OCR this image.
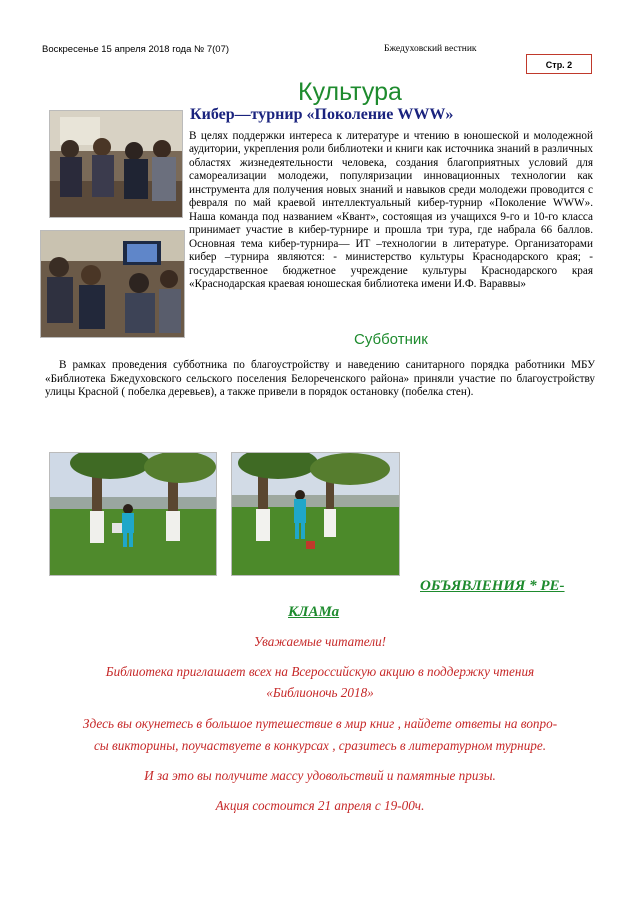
Воскресенье 15 апреля 2018 года № 7(07)	Бжедуховский вестник
Стр. 2
Культура
Кибер—турнир «Поколение WWW»

В целях поддержки интереса к литературе и чтению в юношеской и молодежной аудитории, укрепления роли библиотеки и книги как источника знаний в различных областях жизнедеятельности человека, создания благоприятных условий для самореализации молодежи, популяризации инновационных технологии как инструмента для получения новых знаний и навыков среди молодежи проводится с февраля по май краевой интеллектуальный кибер-турнир «Поколение WWW». Наша команда под названием «Квант», состоящая из учащихся 9-го и 10-го класса принимает участие в кибер-турнире и прошла три тура, где набрала 66 баллов. Основная тема кибер-турнира— ИТ –технологии в литературе. Организаторами кибер –турнира являются: - министерство культуры Краснодарского края; - государственное бюджетное учреждение культуры Краснодарского края «Краснодарская краевая юношеская библиотека имени И.Ф. Вараввы»

Субботник
В рамках проведения субботника по благоустройству и наведению санитарного порядка работники МБУ «Библиотека Бжедуховского сельского поселения Белореченского района» приняли участие по благоустройству улицы Красной ( побелка деревьев), а также привели в порядок остановку (побелка стен).
ОБЪЯВЛЕНИЯ * РЕ-
КЛАМа
Уважаемые читатели!
Библиотека приглашает всех на Всероссийскую акцию в поддержку чтения
«Библионочь 2018»
Здесь вы окунетесь в большое путешествие в мир книг , найдете ответы на вопро-
сы викторины, поучаствуете в конкурсах , сразитесь в литературном турнире.
И за это вы получите массу удовольствий и памятные призы.
Акция состоится 21 апреля с 19-00ч.
